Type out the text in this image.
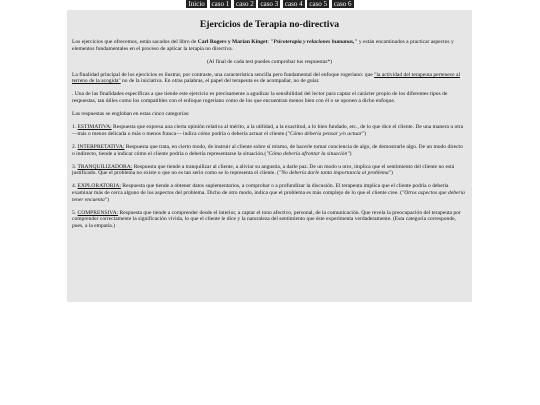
Inicio caso 1 caso 2 caso 3 caso 4 caso 5 caso 6
Ejercicios de Terapia no-directiva

Los ejercicios que ofrecemos, están sacados del libro de Carl Rogers y Marian Kinget: "Psicoterapia y relaciones humanas," y están encaminados a practicar aspectos y elementos fundamentales en el proceso de aplicar la terapia no directiva.

(Al final de cada test puedes comprobar tus respuestas*)

La finalidad principal de los ejercicios es ilustrar, por contraste, una característica sencilla pero fundamental del enfoque rogeriano: que "la actividad del terapeuta pertenece al terreno de la acogida" no de la iniciativa. En otras palabras, el papel del terapeuta es de acompañar, no de guiar.

. Una de las finalidades específicas a que tiende este ejercicio es precisamente a agudizar la sensibilidad del lector para captar el carácter propio de los diferentes tipos de respuestas, tan útiles como los compatibles con el enfoque rogeriano como de los que encuentran menos bien con él o se oponen a dicho enfoque.

Las respuestas se engloban en estas cinco categorías:

1. ESTIMATIVA: Respuesta que expresa una cierta opinión relativa al mérito, a la utilidad, a la exactitud, a lo bien fundado, etc., de lo que dice el cliente. De una manera u otra —más o menos delicada o más o menos franca— indica cómo podría o debería actuar el cliente.("Cómo debería pensar y/o actuar")

2. INTERPRETATIVA: Respuesta que trata, en cierto modo, de instruir al cliente sobre sí mismo, de hacerle tomar conciencia de algo, de demostrarle algo. De un modo directo o indirecto, tiende a indicar cómo el cliente podría o debería representarse la situación.("Cómo debería afrontar la situación")

3. TRANQUILIZADORA: Respuesta que tiende a tranquilizar al cliente, a aliviar su angustia, a darle paz. De un modo u otro, implica que el sentimiento del cliente no está justificado. Que el problema no existe o que no es tan serio como se lo representa el cliente. ("No debería darle tanta importancia al problema")

4. EXPLORATORIA: Respuesta que tiende a obtener datos suplementarios, a comprobar o a profundizar la discusión. El terapeuta implica que el cliente podría o debería examinar más de cerca alguno de los aspectos del problema. Dicho de otro modo, indica que el problema es más complejo de lo que el cliente cree. ("Otros aspectos que debería tener encuenta")

5. COMPRENSIVA: Respuesta que tiende a comprender desde el interior, a captar el tono afectivo, personal, de la comunicación. Que revela la preocupación del terapeuta por comprender correctamente la significación vivida, lo que el cliente le dice y la naturaleza del sentimiento que éste experimenta verdaderamente. (Esta categoría corresponde, pues, a la empatía.)
